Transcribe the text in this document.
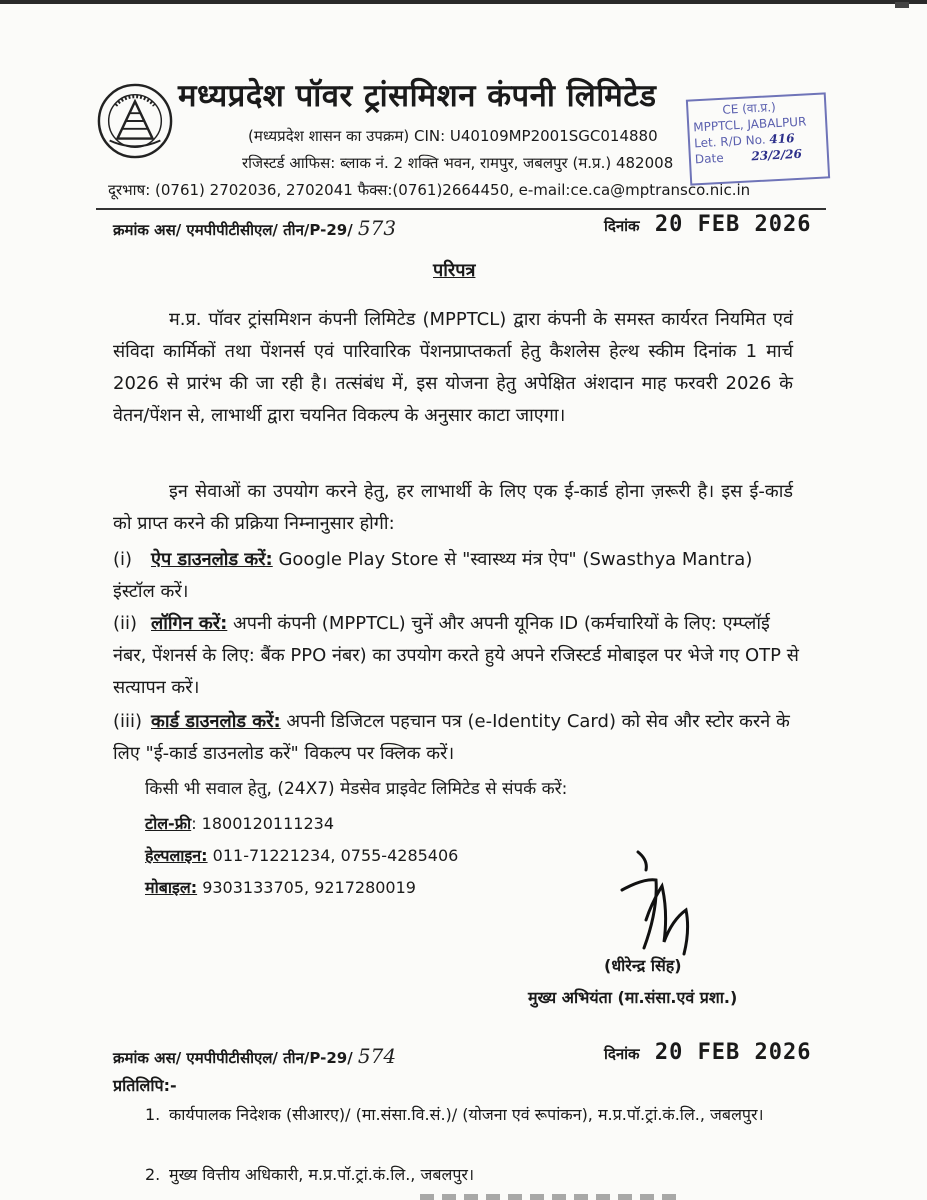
मध्यप्रदेश पॉवर ट्रांसमिशन कंपनी लिमिटेड
(मध्यप्रदेश शासन का उपक्रम) CIN: U40109MP2001SGC014880
रजिस्टर्ड आफिस: ब्लाक नं. 2 शक्ति भवन, रामपुर, जबलपुर (म.प्र.) 482008
दूरभाष: (0761) 2702036, 2702041 फैक्स:(0761)2664450, e-mail:ce.ca@mptransco.nic.in
CE (वा.प्र.)
MPPTCL, JABALPUR
Let. R/D No. 416
Date 23/2/26
क्रमांक अस/ एमपीपीटीसीएल/ तीन/P-29/ 573	दिनांक 20 FEB 2026
परिपत्र
म.प्र. पॉवर ट्रांसमिशन कंपनी लिमिटेड (MPPTCL) द्वारा कंपनी के समस्त कार्यरत नियमित एवं संविदा कार्मिकों तथा पेंशनर्स एवं पारिवारिक पेंशनप्राप्तकर्ता हेतु कैशलेस हेल्थ स्कीम दिनांक 1 मार्च 2026 से प्रारंभ की जा रही है। तत्संबंध में, इस योजना हेतु अपेक्षित अंशदान माह फरवरी 2026 के वेतन/पेंशन से, लाभार्थी द्वारा चयनित विकल्प के अनुसार काटा जाएगा।
इन सेवाओं का उपयोग करने हेतु, हर लाभार्थी के लिए एक ई-कार्ड होना ज़रूरी है। इस ई-कार्ड को प्राप्त करने की प्रक्रिया निम्नानुसार होगी:
(i) ऐप डाउनलोड करें: Google Play Store से "स्वास्थ्य मंत्र ऐप" (Swasthya Mantra) इंस्टॉल करें।
(ii) लॉगिन करें: अपनी कंपनी (MPPTCL) चुनें और अपनी यूनिक ID (कर्मचारियों के लिए: एम्प्लॉई नंबर, पेंशनर्स के लिए: बैंक PPO नंबर) का उपयोग करते हुये अपने रजिस्टर्ड मोबाइल पर भेजे गए OTP से सत्यापन करें।
(iii) कार्ड डाउनलोड करें: अपनी डिजिटल पहचान पत्र (e-Identity Card) को सेव और स्टोर करने के लिए "ई-कार्ड डाउनलोड करें" विकल्प पर क्लिक करें।
किसी भी सवाल हेतु, (24X7) मेडसेव प्राइवेट लिमिटेड से संपर्क करें:
टोल-फ्री: 1800120111234
हेल्पलाइन: 011-71221234, 0755-4285406
मोबाइल: 9303133705, 9217280019
(धीरेन्द्र सिंह)
मुख्य अभियंता (मा.संसा.एवं प्रशा.)
क्रमांक अस/ एमपीपीटीसीएल/ तीन/P-29/ 574	दिनांक 20 FEB 2026
प्रतिलिपि:-
1. कार्यपालक निदेशक (सीआरए)/ (मा.संसा.वि.सं.)/ (योजना एवं रूपांकन), म.प्र.पॉ.ट्रां.कं.लि., जबलपुर।
2. मुख्य वित्तीय अधिकारी, म.प्र.पॉ.ट्रां.कं.लि., जबलपुर।
